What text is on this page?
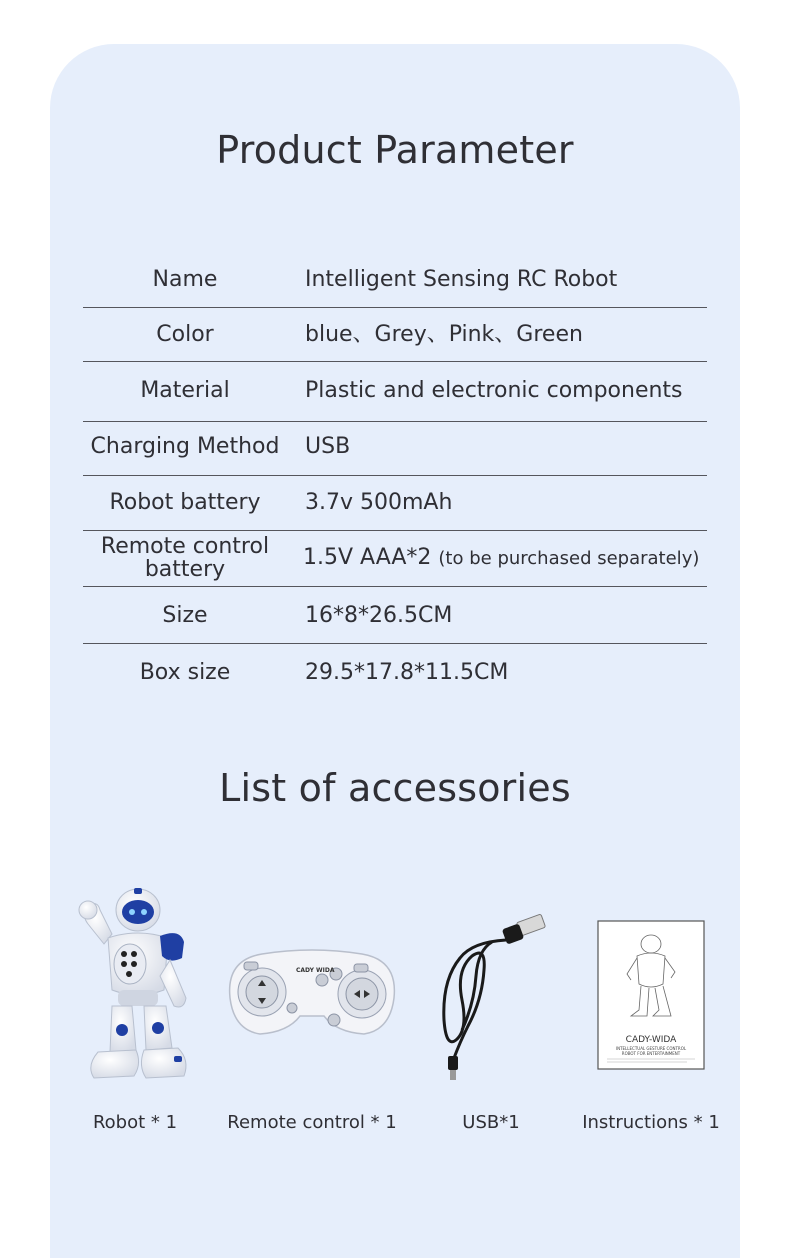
Product Parameter
Name	Intelligent Sensing RC Robot
Color	blue、Grey、Pink、Green
Material	Plastic and electronic components
Charging Method	USB
Robot battery	3.7v 500mAh
Remote control battery	1.5V AAA*2 (to be purchased separately)
Size	16*8*26.5CM
Box size	29.5*17.8*11.5CM
List of accessories
Robot * 1
CADY WIDA
Remote control * 1	USB*1
CADY-WIDA
INTELLECTUAL GESTURE CONTROL
ROBOT FOR ENTERTAINMENT
Instructions * 1
